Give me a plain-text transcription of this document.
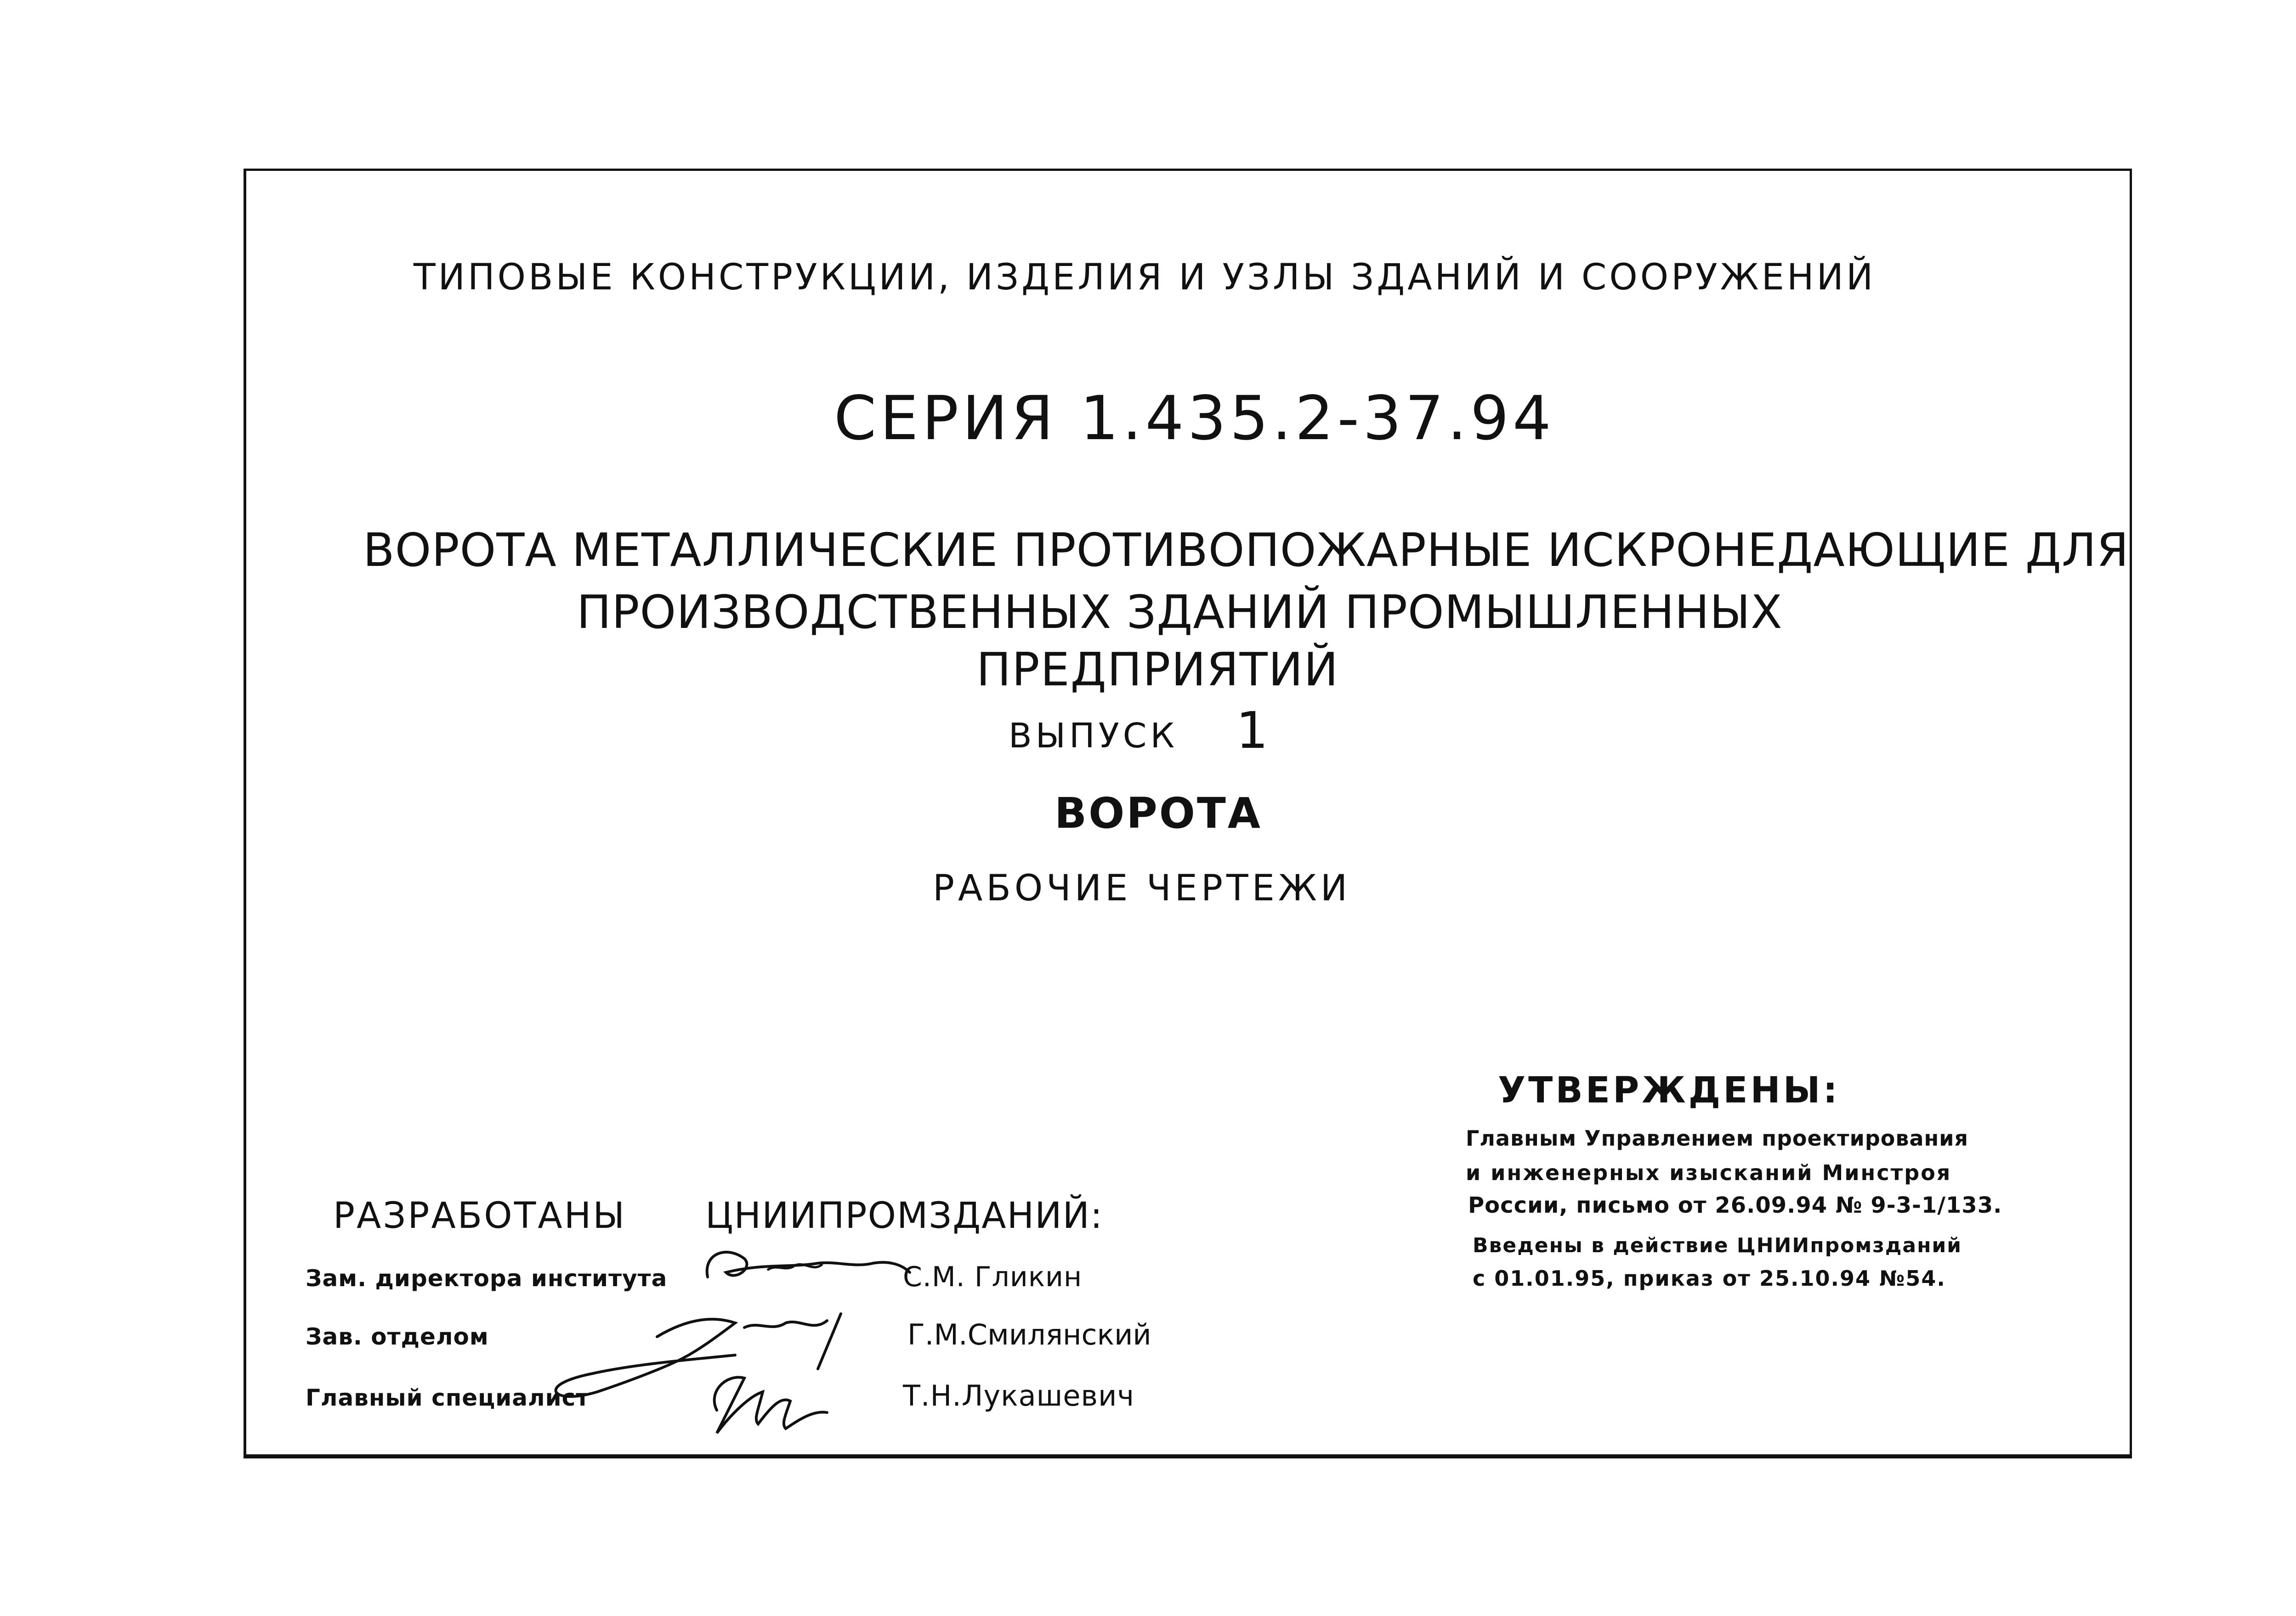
ТИПОВЫЕ КОНСТРУКЦИИ, ИЗДЕЛИЯ И УЗЛЫ ЗДАНИЙ И СООРУЖЕНИЙ
СЕРИЯ 1.435.2-37.94
ВОРОТА МЕТАЛЛИЧЕСКИЕ ПРОТИВОПОЖАРНЫЕ ИСКРОНЕДАЮЩИЕ ДЛЯ
ПРОИЗВОДСТВЕННЫХ ЗДАНИЙ ПРОМЫШЛЕННЫХ
ПРЕДПРИЯТИЙ
ВЫПУСК 1
ВОРОТА
РАБОЧИЕ ЧЕРТЕЖИ
УТВЕРЖДЕНЫ:
Главным Управлением проектирования
и инженерных изысканий Минстроя
России, письмо от 26.09.94 № 9-3-1/133.
Введены в действие ЦНИИпромзданий
с 01.01.95, приказ от 25.10.94 №54.
РАЗРАБОТАНЫ ЦНИИПРОМЗДАНИЙ:
Зам. директора института	С.М. Гликин
Зав. отделом	Г.М.Смилянский
Главный специалист	Т.Н.Лукашевич
